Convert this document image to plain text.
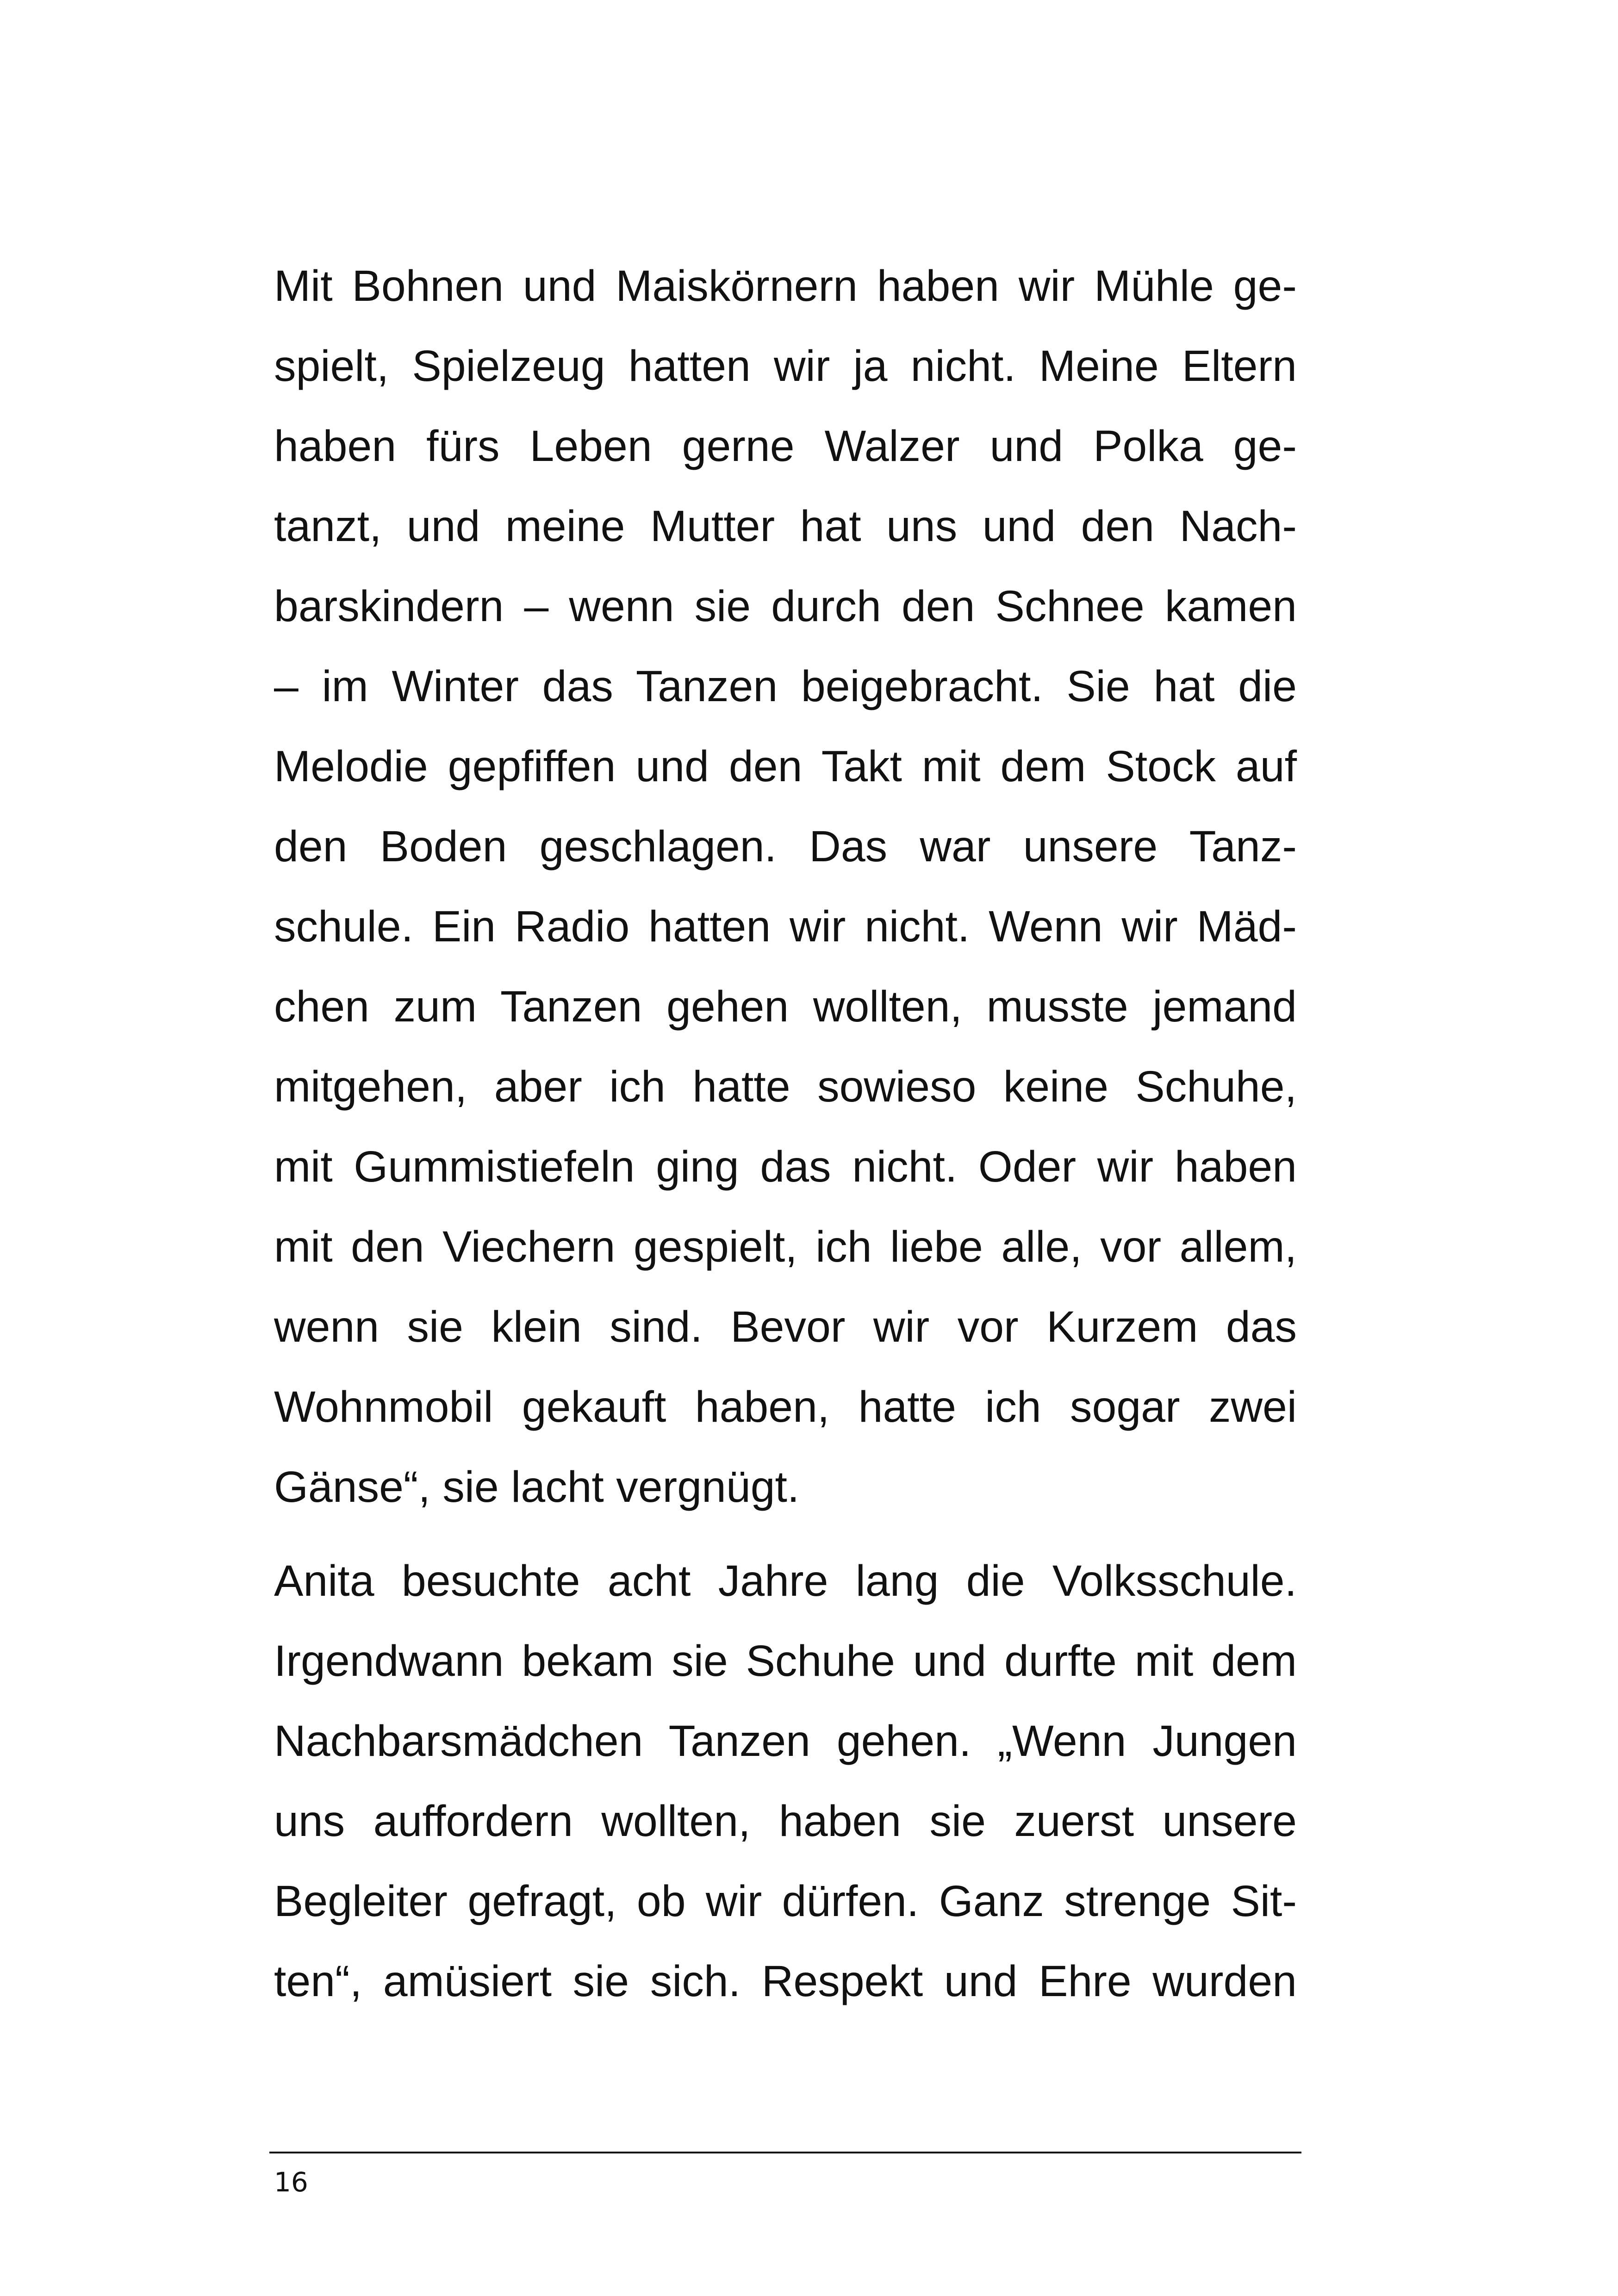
Mit Bohnen und Maiskörnern haben wir Mühle ge-
spielt, Spielzeug hatten wir ja nicht. Meine Eltern
haben fürs Leben gerne Walzer und Polka ge-
tanzt, und meine Mutter hat uns und den Nach-
barskindern – wenn sie durch den Schnee kamen
– im Winter das Tanzen beigebracht. Sie hat die
Melodie gepfiffen und den Takt mit dem Stock auf
den Boden geschlagen. Das war unsere Tanz-
schule. Ein Radio hatten wir nicht. Wenn wir Mäd-
chen zum Tanzen gehen wollten, musste jemand
mitgehen, aber ich hatte sowieso keine Schuhe,
mit Gummistiefeln ging das nicht. Oder wir haben
mit den Viechern gespielt, ich liebe alle, vor allem,
wenn sie klein sind. Bevor wir vor Kurzem das
Wohnmobil gekauft haben, hatte ich sogar zwei
Gänse“, sie lacht vergnügt.
Anita besuchte acht Jahre lang die Volksschule.
Irgendwann bekam sie Schuhe und durfte mit dem
Nachbarsmädchen Tanzen gehen. „Wenn Jungen
uns auffordern wollten, haben sie zuerst unsere
Begleiter gefragt, ob wir dürfen. Ganz strenge Sit-
ten“, amüsiert sie sich. Respekt und Ehre wurden
16
